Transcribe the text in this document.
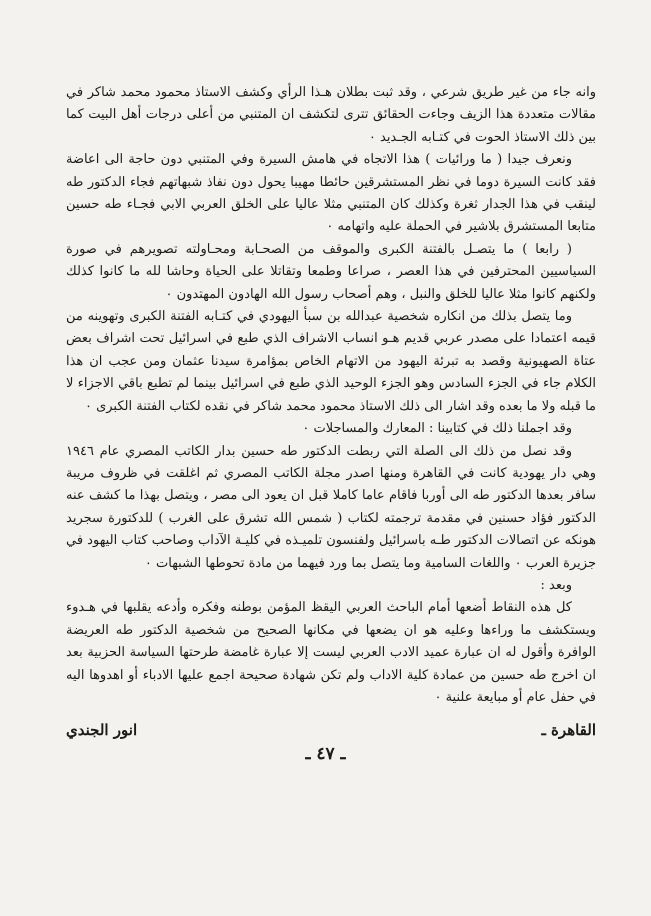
وانه جاء من غير طريق شرعي ، وقد ثبت بطلان هـذا الرأي وكشف الاستاذ محمود محمد شاكر في مقالات متعددة هذا الزيف وجاءت الحقائق تترى لتكشف ان المتنبي من أعلى درجات أهل البيت كما بين ذلك الاستاذ الحوت في كتـابه الجـديد ٠

ونعرف جيدا ( ما ورائيات ) هذا الاتجاه في هامش السيرة وفي المتنبي دون حاجة الى اعاضة فقد كانت السيرة دوما في نظر المستشرقين حائطا مهيبا يحول دون نفاذ شبهاتهم فجاء الدكتور طه لينقب في هذا الجدار ثغرة وكذلك كان المتنبي مثلا عاليا على الخلق العربي الابي فجـاء طه حسين متابعا المستشرق بلاشير في الحملة عليه واتهامه ٠

( رابعا ) ما يتصـل بالفتنة الكبرى والموقف من الصحـابة ومحـاولته تصويرهم في صورة السياسيين المحترفين في هذا العصر ، صراعا وطمعا وتقاتلا على الحياة وحاشا لله ما كانوا كذلك ولكنهم كانوا مثلا عاليا للخلق والنبل ، وهم أصحاب رسول الله الهادون المهتدون ٠

وما يتصل بذلك من انكاره شخصية عبدالله بن سبأ اليهودي في كتـابه الفتنة الكبرى وتهوينه من قيمه اعتمادا على مصدر عربي قديم هـو انساب الاشراف الذي طبع في اسرائيل تحت اشراف بعض عتاة الصهيونية وقصد به تبرئة اليهود من الاتهام الخاص بمؤامرة سيدنا عثمان ومن عجب ان هذا الكلام جاء في الجزء السادس وهو الجزء الوحيد الذي طبع في اسرائيل بينما لم تطبع باقي الاجزاء لا ما قبله ولا ما بعده وقد اشار الى ذلك الاستاذ محمود محمد شاكر في نقده لكتاب الفتنة الكبرى ٠

وقد اجملنا ذلك في كتابينا : المعارك والمساجلات ٠

وقد نصل من ذلك الى الصلة التي ربطت الدكتور طه حسين بدار الكاتب المصري عام ١٩٤٦ وهي دار يهودية كانت في القاهرة ومنها اصدر مجلة الكاتب المصري ثم اغلقت في ظروف مريبة سافر بعدها الدكتور طه الى أوربا فاقام عاما كاملا قبل ان يعود الى مصر ، ويتصل بهذا ما كشف عنه الدكتور فؤاد حسنين في مقدمة ترجمته لكتاب ( شمس الله تشرق على الغرب ) للدكتورة سجريد هونكه عن اتصالات الدكتور طـه باسرائيل ولفنسون تلميـذه في كليـة الآداب وصاحب كتاب اليهود في جزيرة العرب ٠ واللغات السامية وما يتصل بما ورد فيهما من مادة تحوطها الشبهات ٠

وبعد :

كل هذه النقاط أضعها أمام الباحث العربي اليقظ المؤمن بوطنه وفكره وأدعه يقلبها في هـدوء ويستكشف ما وراءها وعليه هو ان يضعها في مكانها الصحيح من شخصية الدكتور طه العريضة الوافرة وأقول له ان عبارة عميد الادب العربي ليست إلا عبارة غامضة طرحتها السياسة الحزبية بعد ان اخرج طه حسين من عمادة كلية الاداب ولم تكن شهادة صحيحة اجمع عليها الادباء أو اهدوها اليه في حفل عام أو مبايعة علنية ٠

القاهرة ـ
انور الجندي
ـ ٤٧ ـ
